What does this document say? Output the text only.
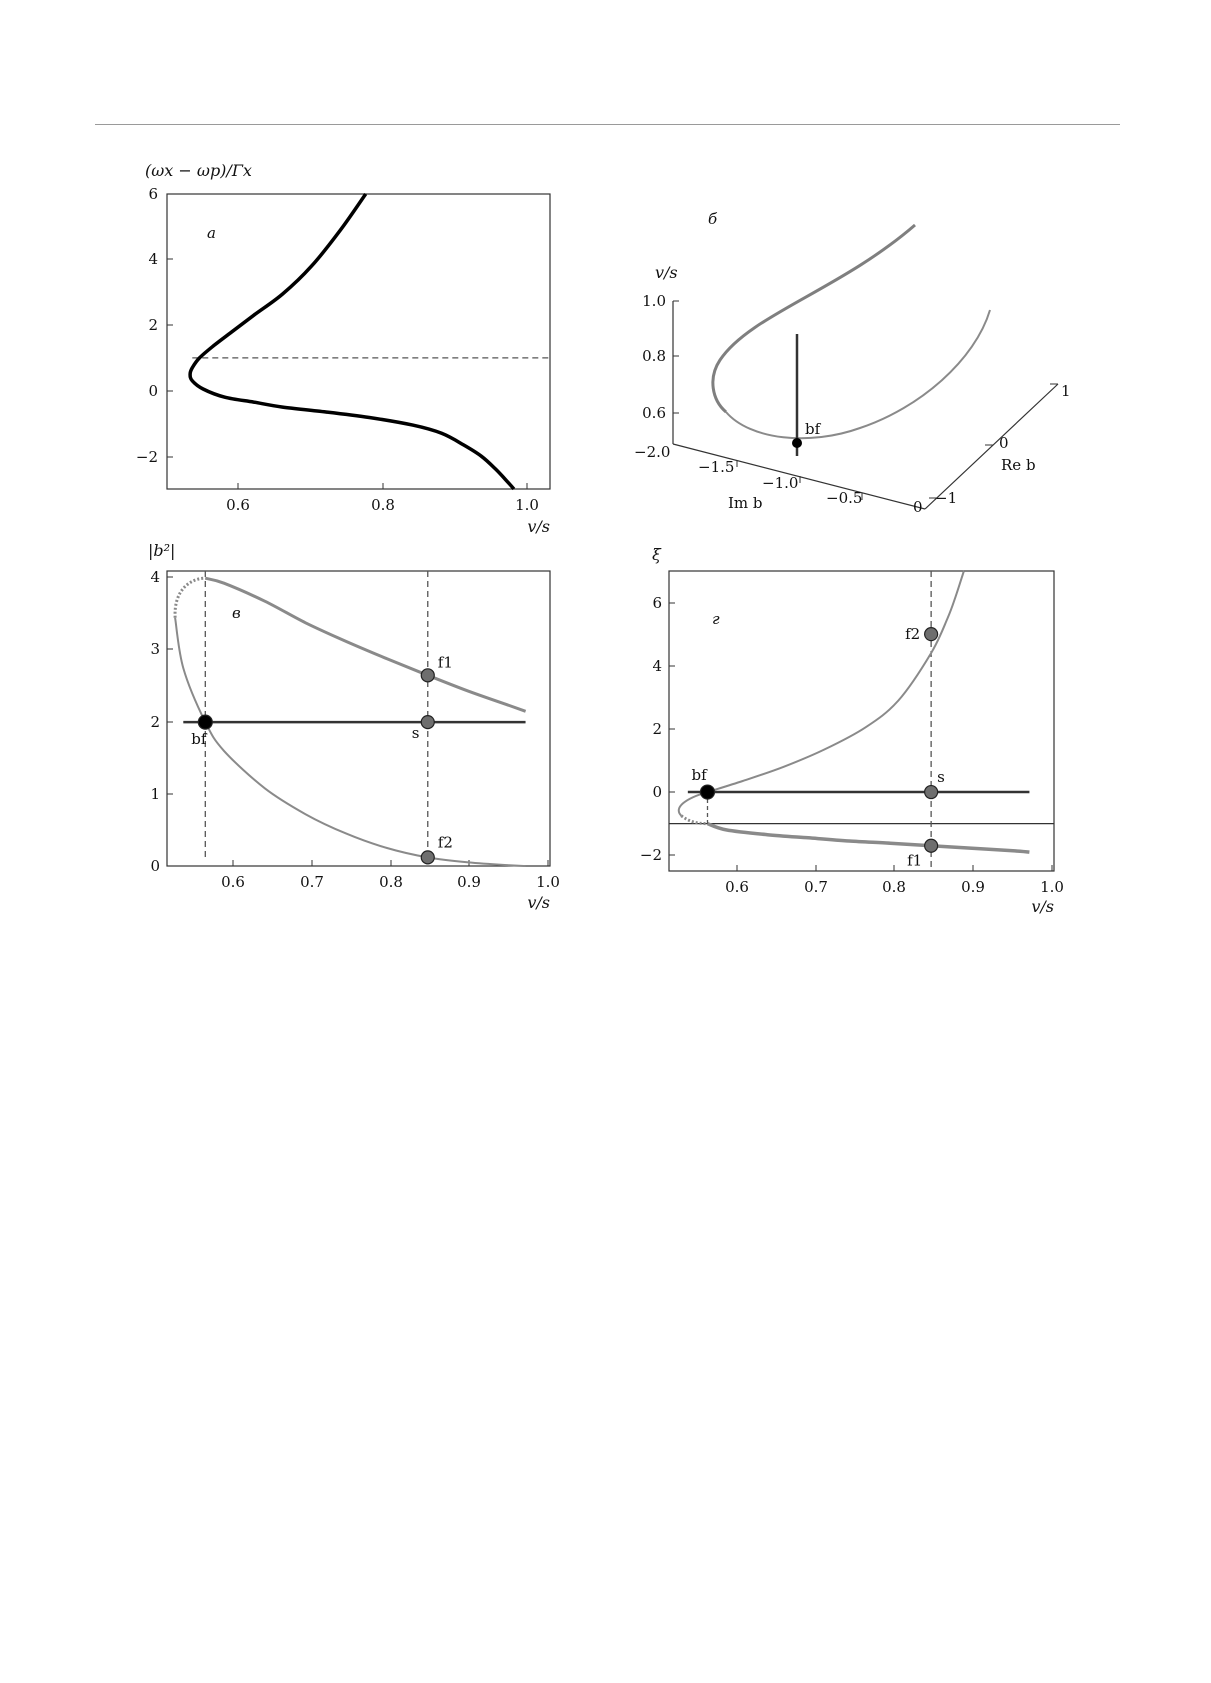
6
4
2
0
−2
0.6	0.8	1.0
(ωx − ωp)/Γx
v/s
а
б
v/s
1.0
0.8
0.6
−2.0
−1.5
−1.0
−0.5	0
Im b
1
0
−1
Re b
bf
4
3
2
1
0
0.6	0.7	0.8	0.9	1.0
|b²|
v/s
в
f1
s
bf
f2
6
4
2
0
−2
0.6	0.7	0.8	0.9	1.0
ξ
v/s
г
f2
bf	s
f1
